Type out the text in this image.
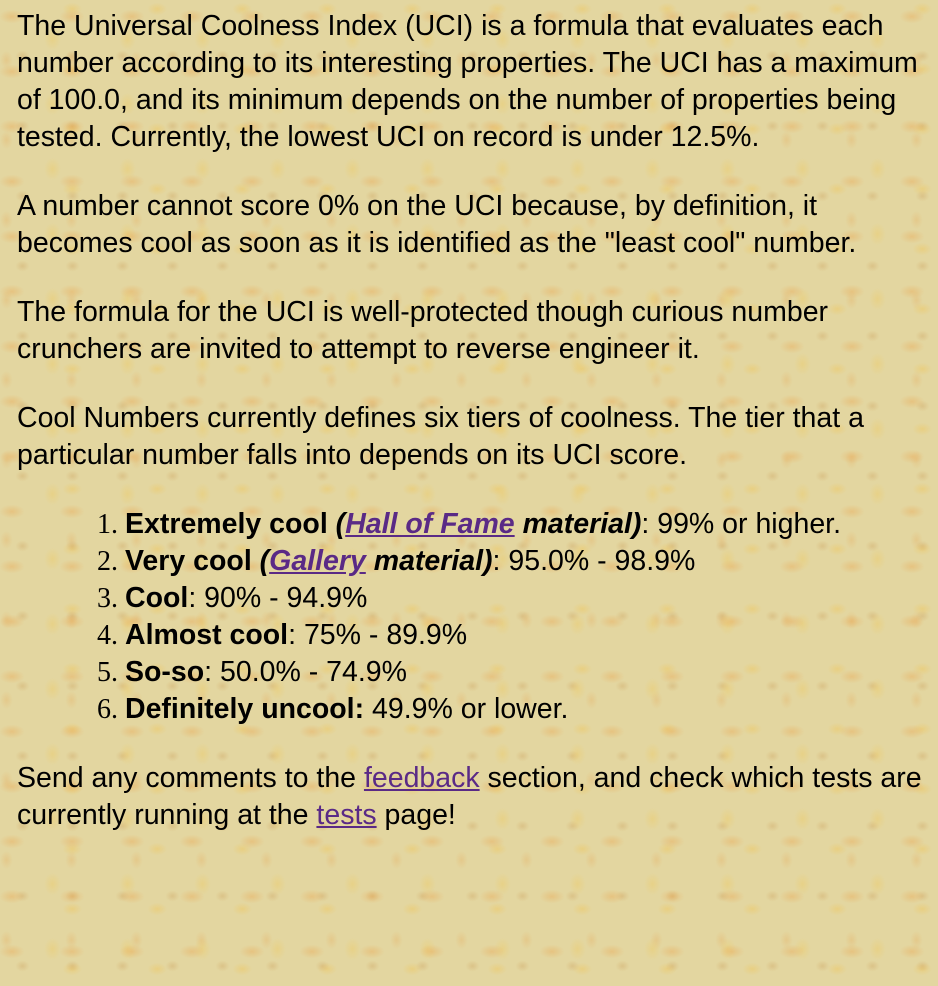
The Universal Coolness Index (UCI) is a formula that evaluates each number according to its interesting properties. The UCI has a maximum of 100.0, and its minimum depends on the number of properties being tested. Currently, the lowest UCI on record is under 12.5%.

A number cannot score 0% on the UCI because, by definition, it becomes cool as soon as it is identified as the "least cool" number.

The formula for the UCI is well-protected though curious number crunchers are invited to attempt to reverse engineer it.

Cool Numbers currently defines six tiers of coolness. The tier that a particular number falls into depends on its UCI score.

1. Extremely cool (Hall of Fame material): 99% or higher.
2. Very cool (Gallery material): 95.0% - 98.9%
3. Cool: 90% - 94.9%
4. Almost cool: 75% - 89.9%
5. So-so: 50.0% - 74.9%
6. Definitely uncool: 49.9% or lower.

Send any comments to the feedback section, and check which tests are currently running at the tests page!
